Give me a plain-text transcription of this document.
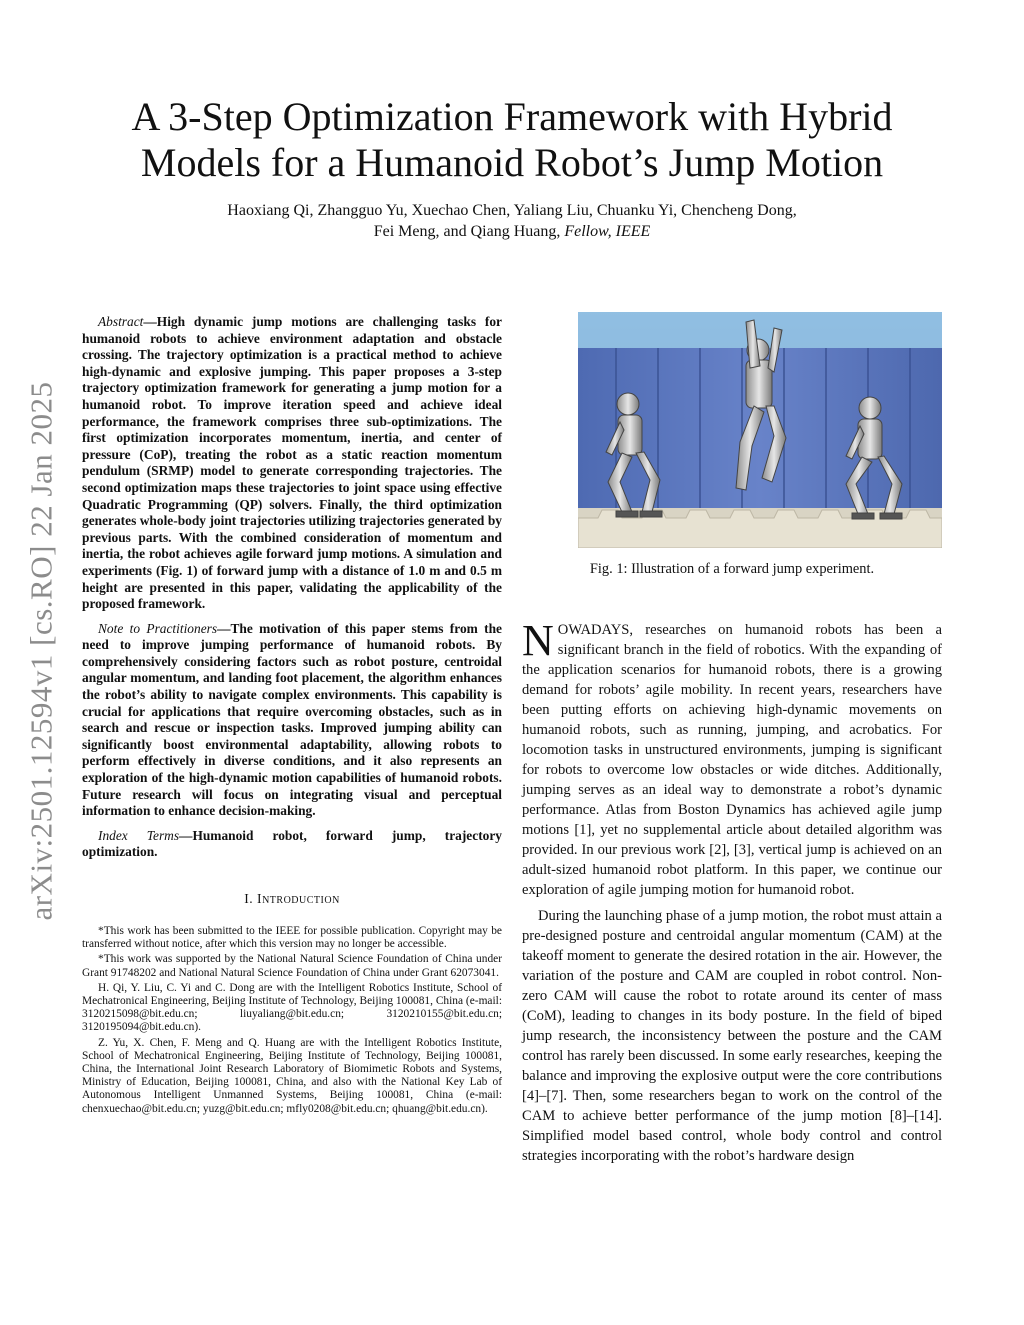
arXiv:2501.12594v1 [cs.RO] 22 Jan 2025
A 3-Step Optimization Framework with Hybrid
Models for a Humanoid Robot’s Jump Motion
Haoxiang Qi, Zhangguo Yu, Xuechao Chen, Yaliang Liu, Chuanku Yi, Chencheng Dong,
Fei Meng, and Qiang Huang, Fellow, IEEE

Abstract—High dynamic jump motions are challenging tasks for humanoid robots to achieve environment adaptation and obstacle crossing. The trajectory optimization is a practical method to achieve high-dynamic and explosive jumping. This paper proposes a 3-step trajectory optimization framework for generating a jump motion for a humanoid robot. To improve iteration speed and achieve ideal performance, the framework comprises three sub-optimizations. The first optimization incorporates momentum, inertia, and center of pressure (CoP), treating the robot as a static reaction momentum pendulum (SRMP) model to generate corresponding trajectories. The second optimization maps these trajectories to joint space using effective Quadratic Programming (QP) solvers. Finally, the third optimization generates whole-body joint trajectories utilizing trajectories generated by previous parts. With the combined consideration of momentum and inertia, the robot achieves agile forward jump motions. A simulation and experiments (Fig. 1) of forward jump with a distance of 1.0 m and 0.5 m height are presented in this paper, validating the applicability of the proposed framework.

Note to Practitioners—The motivation of this paper stems from the need to improve jumping performance of humanoid robots. By comprehensively considering factors such as robot posture, centroidal angular momentum, and landing foot placement, the algorithm enhances the robot’s ability to navigate complex environments. This capability is crucial for applications that require overcoming obstacles, such as in search and rescue or inspection tasks. Improved jumping ability can significantly boost environmental adaptability, allowing robots to perform effectively in diverse conditions, and it also represents an exploration of the high-dynamic motion capabilities of humanoid robots. Future research will focus on integrating visual and perceptual information to enhance decision-making.

Index Terms—Humanoid robot, forward jump, trajectory optimization.

I. Introduction

*This work has been submitted to the IEEE for possible publication. Copyright may be transferred without notice, after which this version may no longer be accessible.

*This work was supported by the National Natural Science Foundation of China under Grant 91748202 and National Natural Science Foundation of China under Grant 62073041.

H. Qi, Y. Liu, C. Yi and C. Dong are with the Intelligent Robotics Institute, School of Mechatronical Engineering, Beijing Institute of Technology, Beijing 100081, China (e-mail: 3120215098@bit.edu.cn; liuyaliang@bit.edu.cn; 3120210155@bit.edu.cn; 3120195094@bit.edu.cn).

Z. Yu, X. Chen, F. Meng and Q. Huang are with the Intelligent Robotics Institute, School of Mechatronical Engineering, Beijing Institute of Technology, Beijing 100081, China, the International Joint Research Laboratory of Biomimetic Robots and Systems, Ministry of Education, Beijing 100081, China, and also with the National Key Lab of Autonomous Intelligent Unmanned Systems, Beijing 100081, China (e-mail: chenxuechao@bit.edu.cn; yuzg@bit.edu.cn; mfly0208@bit.edu.cn; qhuang@bit.edu.cn).

Fig. 1: Illustration of a forward jump experiment.

NOWADAYS, researches on humanoid robots has been a significant branch in the field of robotics. With the expanding of the application scenarios for humanoid robots, there is a growing demand for robots’ agile mobility. In recent years, researchers have been putting efforts on achieving high-dynamic movements on humanoid robots, such as running, jumping, and acrobatics. For locomotion tasks in unstructured environments, jumping is significant for robots to overcome low obstacles or wide ditches. Additionally, jumping serves as an ideal way to demonstrate a robot’s dynamic performance. Atlas from Boston Dynamics has achieved agile jump motions [1], yet no supplemental article about detailed algorithm was provided. In our previous work [2], [3], vertical jump is achieved on an adult-sized humanoid robot platform. In this paper, we continue our exploration of agile jumping motion for humanoid robot.

During the launching phase of a jump motion, the robot must attain a pre-designed posture and centroidal angular momentum (CAM) at the takeoff moment to generate the desired rotation in the air. However, the variation of the posture and CAM are coupled in robot control. Non-zero CAM will cause the robot to rotate around its center of mass (CoM), leading to changes in its body posture. In the field of biped jump research, the inconsistency between the posture and the CAM control has rarely been discussed. In some early researches, keeping the balance and improving the explosive output were the core contributions [4]–[7]. Then, some researchers began to work on the control of the CAM to achieve better performance of the jump motion [8]–[14]. Simplified model based control, whole body control and control strategies incorporating with the robot’s hardware design
